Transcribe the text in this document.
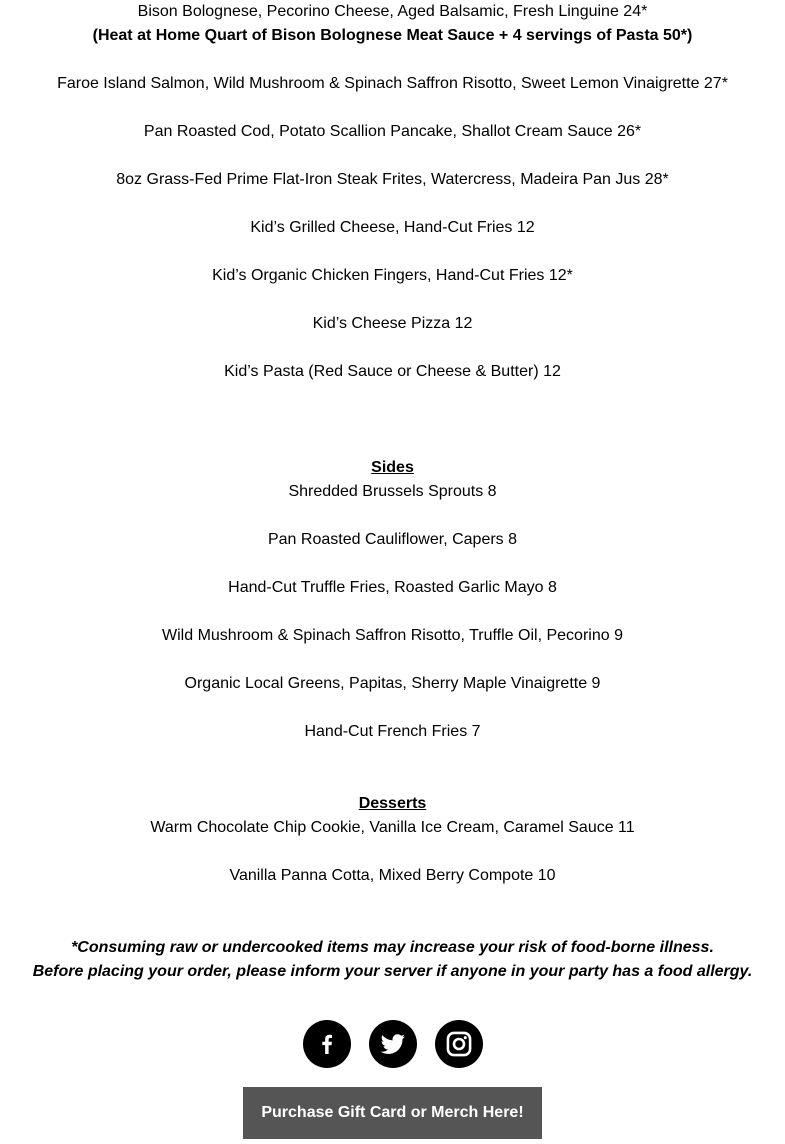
Bison Bolognese, Pecorino Cheese, Aged Balsamic, Fresh Linguine 24*
(Heat at Home Quart of Bison Bolognese Meat Sauce + 4 servings of Pasta 50*)
Faroe Island Salmon, Wild Mushroom & Spinach Saffron Risotto, Sweet Lemon Vinaigrette 27*
Pan Roasted Cod, Potato Scallion Pancake, Shallot Cream Sauce 26*
8oz Grass-Fed Prime Flat-Iron Steak Frites, Watercress, Madeira Pan Jus 28*
Kid’s Grilled Cheese, Hand-Cut Fries 12
Kid’s Organic Chicken Fingers, Hand-Cut Fries 12*
Kid’s Cheese Pizza 12
Kid’s Pasta (Red Sauce or Cheese & Butter) 12
Sides
Shredded Brussels Sprouts 8
Pan Roasted Cauliflower, Capers 8
Hand-Cut Truffle Fries, Roasted Garlic Mayo 8
Wild Mushroom & Spinach Saffron Risotto, Truffle Oil, Pecorino 9
Organic Local Greens, Papitas, Sherry Maple Vinaigrette 9
Hand-Cut French Fries 7
Desserts
Warm Chocolate Chip Cookie, Vanilla Ice Cream, Caramel Sauce 11
Vanilla Panna Cotta, Mixed Berry Compote 10
*Consuming raw or undercooked items may increase your risk of food-borne illness.
Before placing your order, please inform your server if anyone in your party has a food allergy.
Purchase Gift Card or Merch Here!
